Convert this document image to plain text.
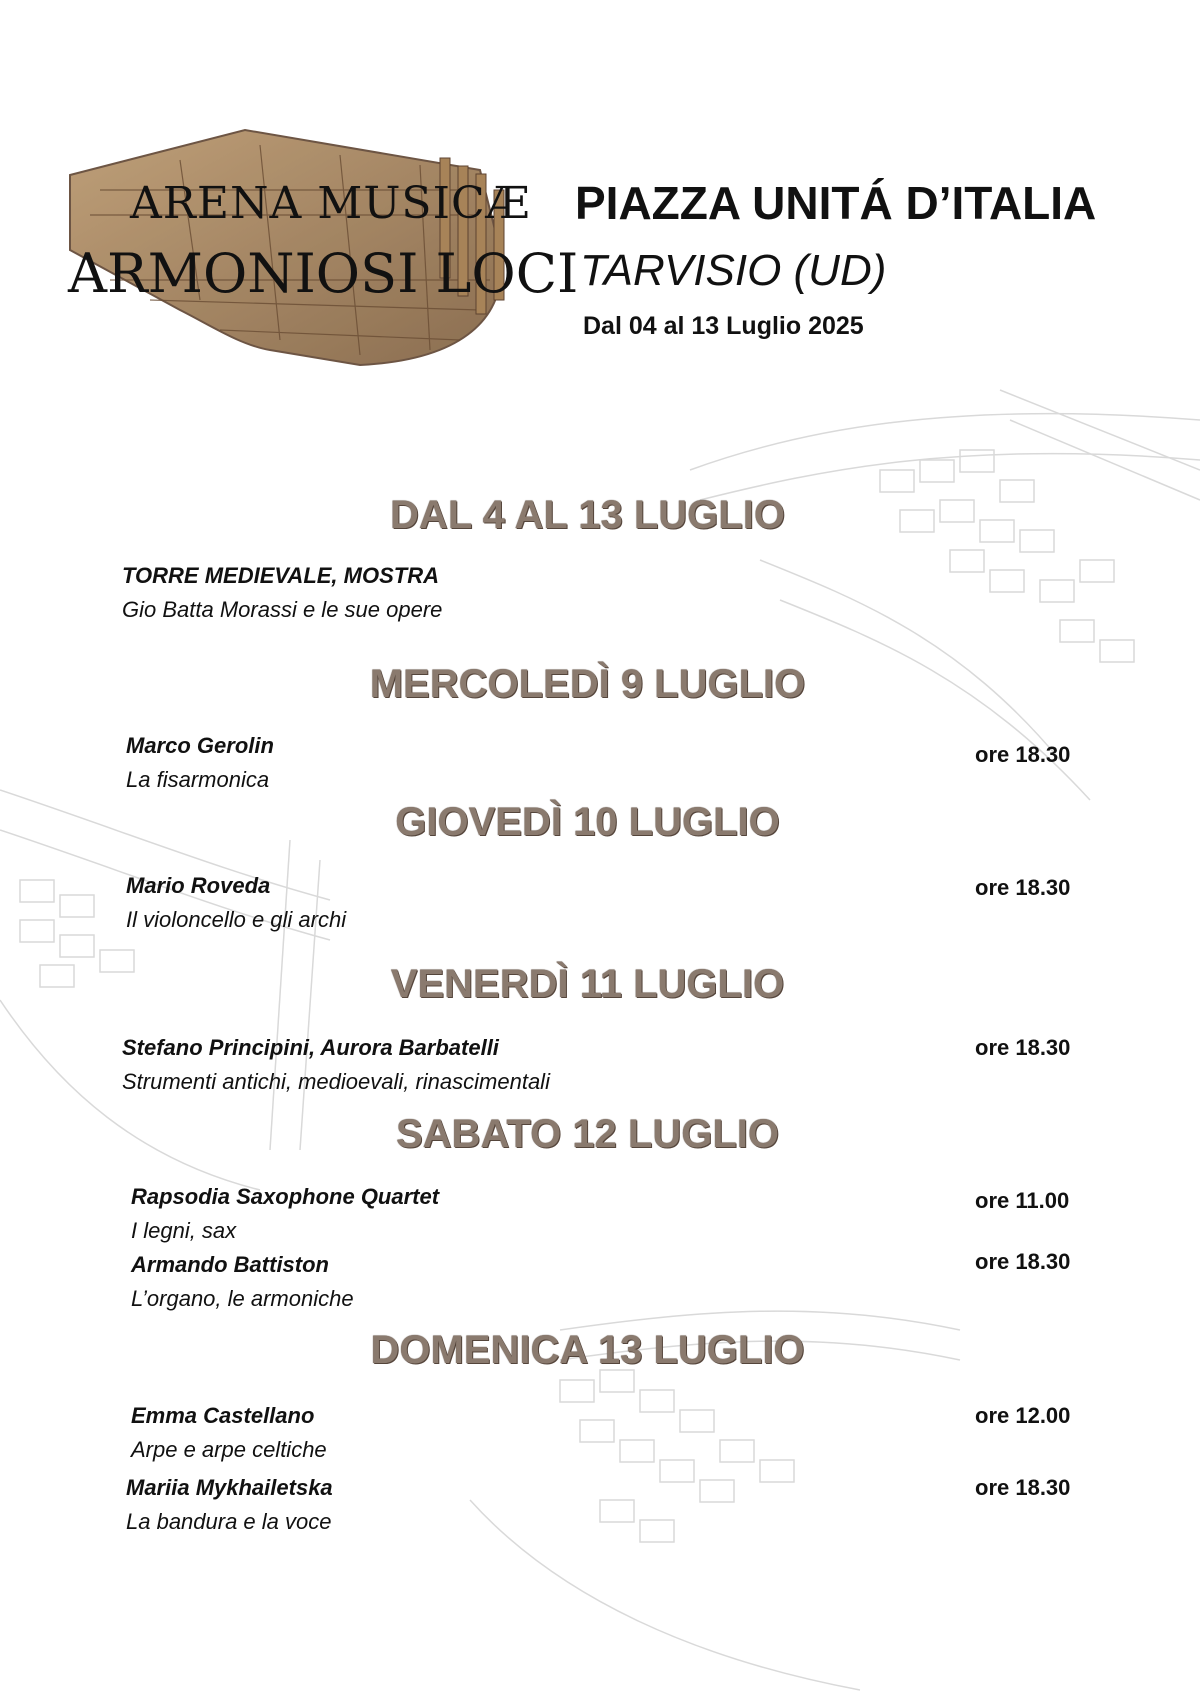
ARENA MUSICÆ
ARMONIOSI LOCI
PIAZZA UNITÁ D’ITALIA
TARVISIO (UD)
Dal 04 al 13 Luglio 2025
DAL 4 AL 13 LUGLIO
TORRE MEDIEVALE, MOSTRA
Gio Batta Morassi e le sue opere
MERCOLEDÌ 9 LUGLIO
Marco Gerolin
La fisarmonica
ore 18.30
GIOVEDÌ 10 LUGLIO
Mario Roveda
Il violoncello e gli archi
ore 18.30
VENERDÌ 11 LUGLIO
Stefano Principini, Aurora Barbatelli
Strumenti antichi, medioevali, rinascimentali
ore 18.30
SABATO 12 LUGLIO
Rapsodia Saxophone Quartet
I legni, sax
ore 11.00
Armando Battiston
L’organo, le armoniche
ore 18.30
DOMENICA 13 LUGLIO
Emma Castellano
Arpe e arpe celtiche
ore 12.00
Mariia Mykhailetska
La bandura e la voce
ore 18.30
